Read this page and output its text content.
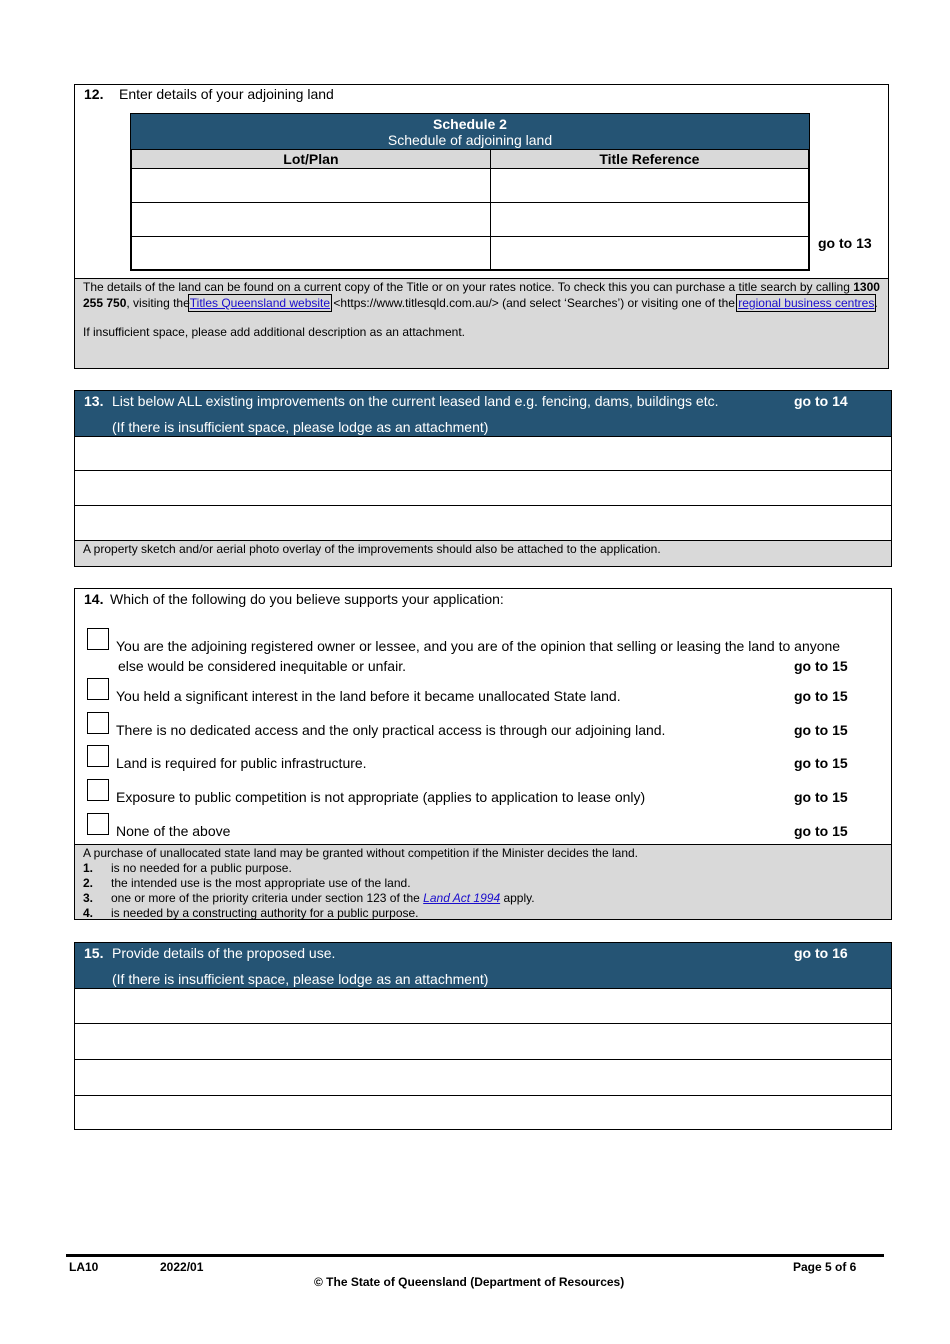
12. Enter details of your adjoining land
Schedule 2
Schedule of adjoining land
Lot/Plan	Title Reference

go to 13
The details of the land can be found on a current copy of the Title or on your rates notice. To check this you can purchase a title search by calling 1300 255 750, visiting theTitles Queensland website <https://www.titlesqld.com.au/> (and select ‘Searches’) or visiting one of the regional business centres.
If insufficient space, please add additional description as an attachment.
13. List below ALL existing improvements on the current leased land e.g. fencing, dams, buildings etc.	go to 14
(If there is insufficient space, please lodge as an attachment)
A property sketch and/or aerial photo overlay of the improvements should also be attached to the application.
14. Which of the following do you believe supports your application:
You are the adjoining registered owner or lessee, and you are of the opinion that selling or leasing the land to anyone
else would be considered inequitable or unfair.	go to 15
You held a significant interest in the land before it became unallocated State land.	go to 15
There is no dedicated access and the only practical access is through our adjoining land.	go to 15
Land is required for public infrastructure.	go to 15
Exposure to public competition is not appropriate (applies to application to lease only)	go to 15
None of the above	go to 15
A purchase of unallocated state land may be granted without competition if the Minister decides the land.
1. is no needed for a public purpose.
2. the intended use is the most appropriate use of the land.
3. one or more of the priority criteria under section 123 of the Land Act 1994 apply.
4. is needed by a constructing authority for a public purpose.
15. Provide details of the proposed use.	go to 16
(If there is insufficient space, please lodge as an attachment)
LA10	2022/01	Page 5 of 6
© The State of Queensland (Department of Resources)
